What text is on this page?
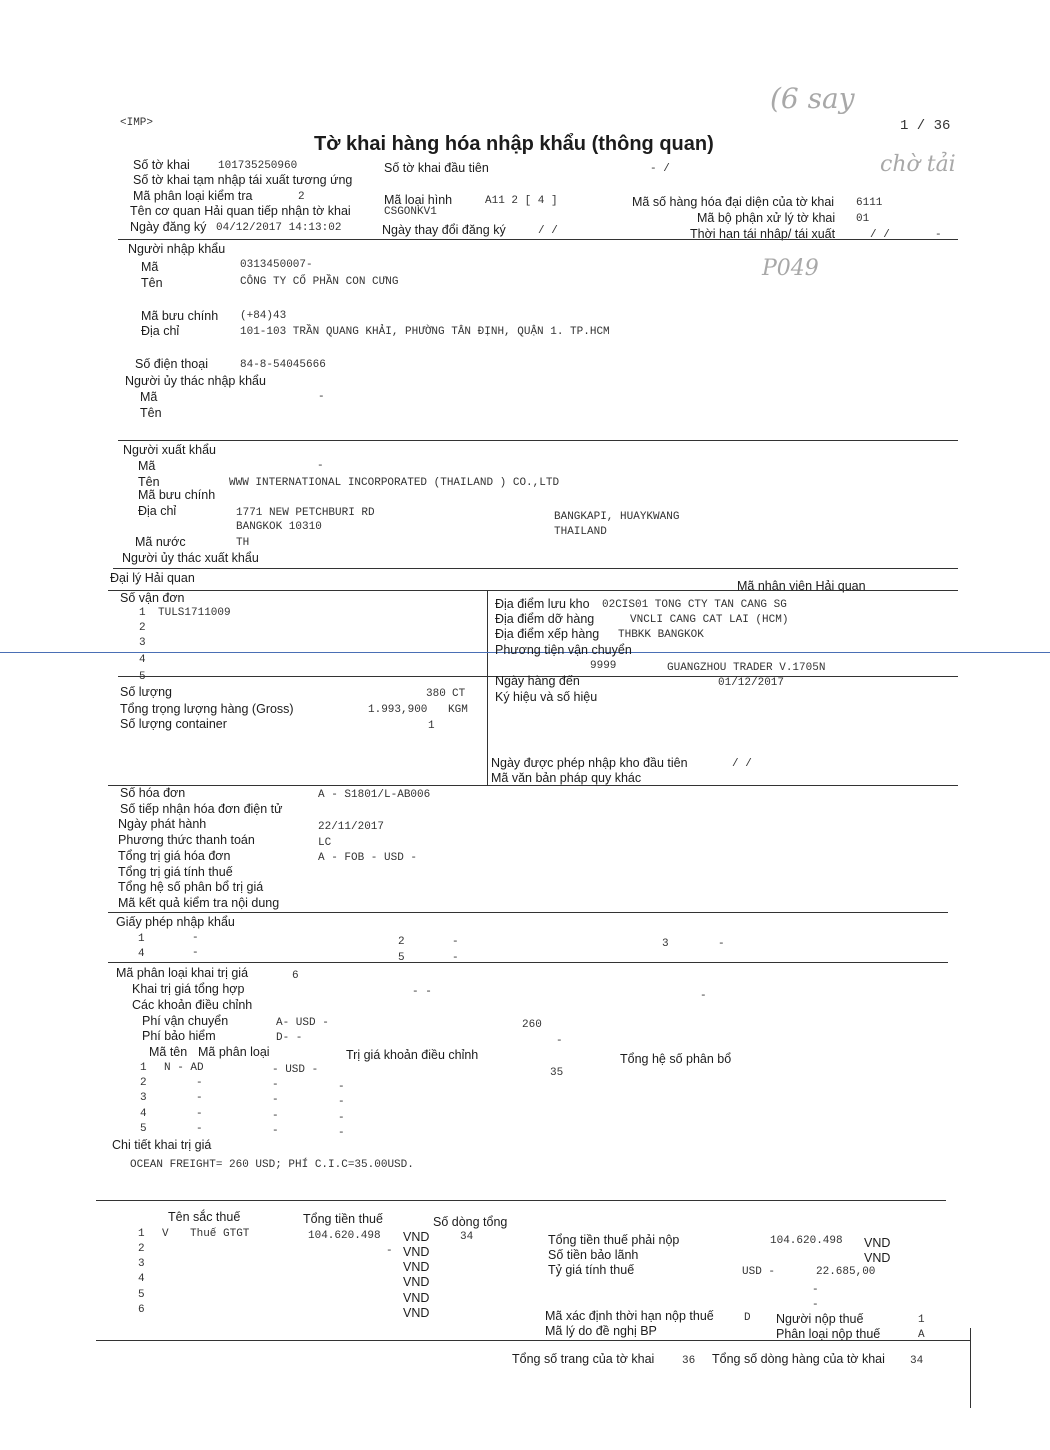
<IMP>
Tờ khai hàng hóa nhập khẩu (thông quan)
1 / 36
(6 say
chờ tải
P049
Số tờ khai	101735250960	Số tờ khai đầu tiên	- /
Số tờ khai tạm nhập tái xuất tương ứng
Mã phân loại kiểm tra	2	Mã loại hình	A11 2 [ 4 ]	Mã số hàng hóa đại diện của tờ khai 6111
Tên cơ quan Hải quan tiếp nhận tờ khai	CSGONKV1	Mã bộ phận xử lý tờ khai 01
Ngày đăng ký 04/12/2017 14:13:02	Ngày thay đổi đăng ký	/ /	Thời hạn tái nhập/ tái xuất	/ /	-
Người nhập khẩu
Mã	0313450007-
Tên	CÔNG TY CỔ PHẦN CON CƯNG
Mã bưu chính (+84)43
Địa chỉ	101-103 TRẦN QUANG KHẢI, PHƯỜNG TÂN ĐỊNH, QUẬN 1. TP.HCM
Số điện thoại	84-8-54045666
Người ủy thác nhập khẩu
Mã	-
Tên
Người xuất khẩu
Mã	-
Tên	WWW INTERNATIONAL INCORPORATED (THAILAND ) CO.,LTD
Mã bưu chính
Địa chỉ	1771 NEW PETCHBURI RD
BANGKOK 10310
BANGKAPI, HUAYKWANG
THAILAND
Mã nước	TH
Người ủy thác xuất khẩu
Đại lý Hải quan
Mã nhân viên Hải quan
Số vận đơn
1 TULS1711009
2
3
4
5
Số lượng	380 CT
Tổng trọng lượng hàng (Gross)	1.993,900 KGM
Số lượng container	1
Địa điểm lưu kho 02CIS01 TONG CTY TAN CANG SG
Địa điểm dỡ hàng	VNCLI CANG CAT LAI (HCM)
Địa điểm xếp hàng THBKK BANGKOK
Phương tiện vận chuyển
9999	GUANGZHOU TRADER V.1705N
Ngày hàng đến	01/12/2017
Ký hiệu và số hiệu
Ngày được phép nhập kho đầu tiên	/ /
Mã văn bản pháp quy khác
Số hóa đơn	A - S1801/L-AB006
Số tiếp nhận hóa đơn điện tử
Ngày phát hành	22/11/2017
Phương thức thanh toán	LC
Tổng trị giá hóa đơn	A - FOB - USD -
Tổng trị giá tính thuế
Tổng hệ số phân bổ trị giá
Mã kết quả kiểm tra nội dung
Giấy phép nhập khẩu
1	-	2	-	3	-
4	-	5	-
Mã phân loại khai trị giá	6
Khai trị giá tổng hợp	- -	-
Các khoản điều chỉnh
Phí vận chuyển	A- USD -	260
Phí bảo hiểm	D- -	-
Mã tên Mã phân loại	Trị giá khoản điều chỉnh	Tổng hệ số phân bổ
1 N - AD	- USD -	35
2	-	-	-
3	-	-	-
4	-	-	-
5	-	-	-
Chi tiết khai trị giá
OCEAN FREIGHT= 260 USD; PHÍ C.I.C=35.00USD.
Tên sắc thuế	Tổng tiền thuế	Số dòng tổng
1 V Thuế GTGT	104.620.498 VND	34
2	- VND
3	VND
4	VND
5	VND
6	VND
Tổng tiền thuế phải nộp	104.620.498 VND
Số tiền bảo lãnh	VND
Tỷ giá tính thuế	USD -	22.685,00
-
-
Mã xác định thời hạn nộp thuế	D Người nộp thuế	1
Mã lý do đề nghị BP	Phân loại nộp thuế	A
Tổng số trang của tờ khai	36 Tổng số dòng hàng của tờ khai 34
